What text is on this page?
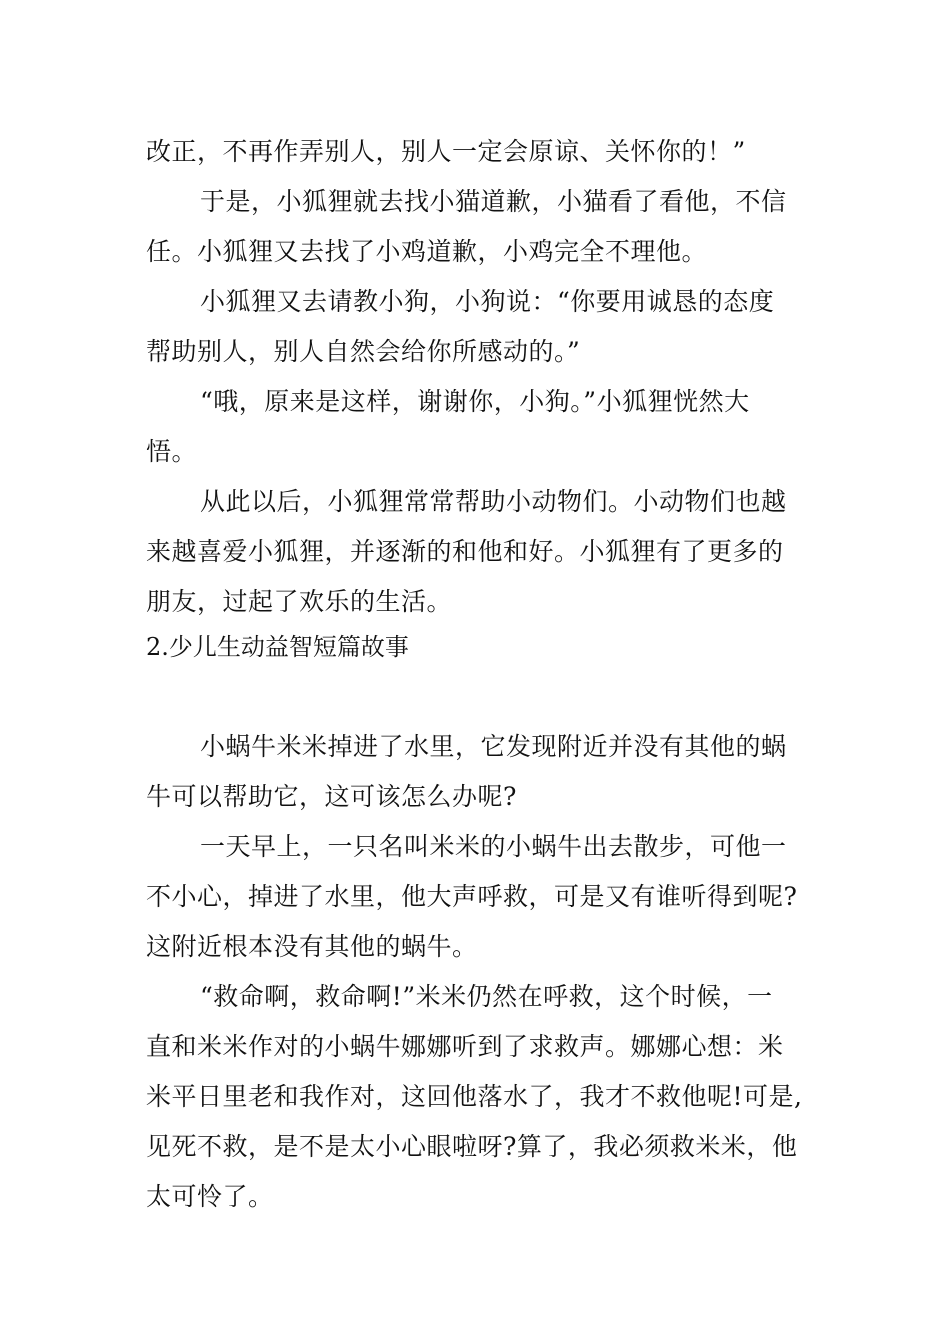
改正，不再作弄别人，别人一定会原谅、关怀你的！”
于是，小狐狸就去找小猫道歉，小猫看了看他，不信
任。小狐狸又去找了小鸡道歉，小鸡完全不理他。
小狐狸又去请教小狗，小狗说：“你要用诚恳的态度
帮助别人，别人自然会给你所感动的。”
“哦，原来是这样，谢谢你，小狗。”小狐狸恍然大
悟。
从此以后，小狐狸常常帮助小动物们。小动物们也越
来越喜爱小狐狸，并逐渐的和他和好。小狐狸有了更多的
朋友，过起了欢乐的生活。
2.少儿生动益智短篇故事
小蜗牛米米掉进了水里，它发现附近并没有其他的蜗
牛可以帮助它，这可该怎么办呢?
一天早上，一只名叫米米的小蜗牛出去散步，可他一
不小心，掉进了水里，他大声呼救，可是又有谁听得到呢?
这附近根本没有其他的蜗牛。
“救命啊，救命啊!”米米仍然在呼救，这个时候，一
直和米米作对的小蜗牛娜娜听到了求救声。娜娜心想：米
米平日里老和我作对，这回他落水了，我才不救他呢!可是,
见死不救，是不是太小心眼啦呀?算了，我必须救米米，他
太可怜了。
